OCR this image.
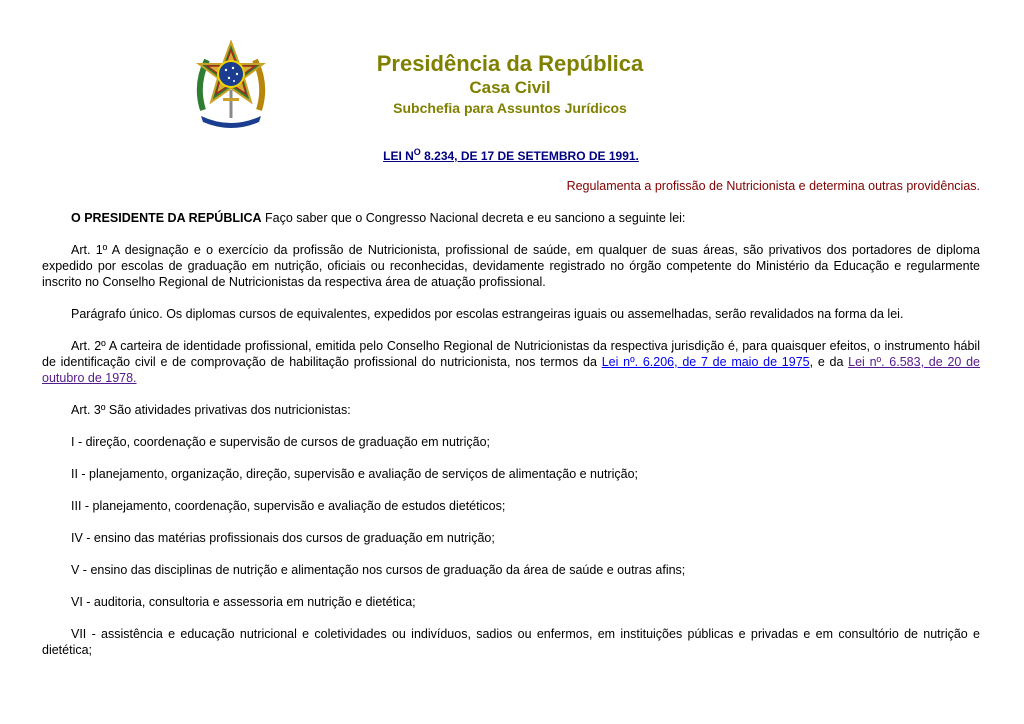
Presidência da República
Casa Civil
Subchefia para Assuntos Jurídicos

LEI N$^O$ 8.234, DE 17 DE SETEMBRO DE 1991.

Regulamenta a profissão de Nutricionista e determina outras providências.

O PRESIDENTE DA REPÚBLICA Faço saber que o Congresso Nacional decreta e eu sanciono a seguinte lei:

Art. 1º A designação e o exercício da profissão de Nutricionista, profissional de saúde, em qualquer de suas áreas, são privativos dos portadores de diploma expedido por escolas de graduação em nutrição, oficiais ou reconhecidas, devidamente registrado no órgão competente do Ministério da Educação e regularmente inscrito no Conselho Regional de Nutricionistas da respectiva área de atuação profissional.

Parágrafo único. Os diplomas cursos de equivalentes, expedidos por escolas estrangeiras iguais ou assemelhadas, serão revalidados na forma da lei.

Art. 2º A carteira de identidade profissional, emitida pelo Conselho Regional de Nutricionistas da respectiva jurisdição é, para quaisquer efeitos, o instrumento hábil de identificação civil e de comprovação de habilitação profissional do nutricionista, nos termos da Lei nº. 6.206, de 7 de maio de 1975, e da Lei nº. 6.583, de 20 de outubro de 1978.

Art. 3º São atividades privativas dos nutricionistas:

I - direção, coordenação e supervisão de cursos de graduação em nutrição;

II - planejamento, organização, direção, supervisão e avaliação de serviços de alimentação e nutrição;

III - planejamento, coordenação, supervisão e avaliação de estudos dietéticos;

IV - ensino das matérias profissionais dos cursos de graduação em nutrição;

V - ensino das disciplinas de nutrição e alimentação nos cursos de graduação da área de saúde e outras afins;

VI - auditoria, consultoria e assessoria em nutrição e dietética;

VII - assistência e educação nutricional e coletividades ou indivíduos, sadios ou enfermos, em instituições públicas e privadas e em consultório de nutrição e dietética;
